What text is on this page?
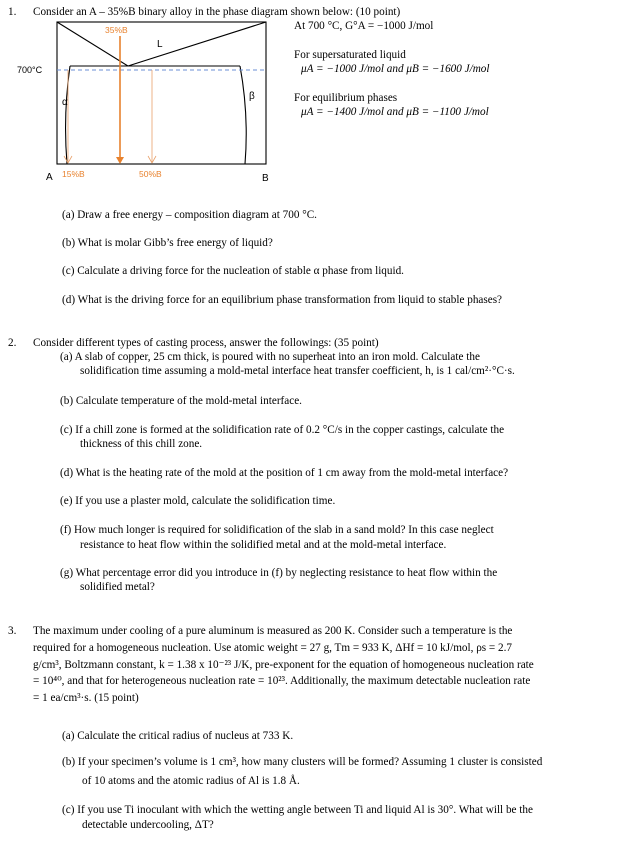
1. Consider an A – 35%B binary alloy in the phase diagram shown below: (10 point)
35%B
L
700°C
α
β
A 15%B	50%B	B
At 700 °C, G°A = −1000 J/mol
For supersaturated liquid
μA = −1000 J/mol and μB = −1600 J/mol
For equilibrium phases
μA = −1400 J/mol and μB = −1100 J/mol
(a) Draw a free energy – composition diagram at 700 °C.
(b) What is molar Gibb’s free energy of liquid?
(c) Calculate a driving force for the nucleation of stable α phase from liquid.
(d) What is the driving force for an equilibrium phase transformation from liquid to stable phases?
2. Consider different types of casting process, answer the followings: (35 point)
(a) A slab of copper, 25 cm thick, is poured with no superheat into an iron mold. Calculate the
solidification time assuming a mold-metal interface heat transfer coefficient, h, is 1 cal/cm²·°C·s.
(b) Calculate temperature of the mold-metal interface.
(c) If a chill zone is formed at the solidification rate of 0.2 °C/s in the copper castings, calculate the
thickness of this chill zone.
(d) What is the heating rate of the mold at the position of 1 cm away from the mold-metal interface?
(e) If you use a plaster mold, calculate the solidification time.
(f) How much longer is required for solidification of the slab in a sand mold? In this case neglect
resistance to heat flow within the solidified metal and at the mold-metal interface.
(g) What percentage error did you introduce in (f) by neglecting resistance to heat flow within the
solidified metal?
3. The maximum under cooling of a pure aluminum is measured as 200 K. Consider such a temperature is the
required for a homogeneous nucleation. Use atomic weight = 27 g, Tm = 933 K, ΔHf = 10 kJ/mol, ρs = 2.7
g/cm³, Boltzmann constant, k = 1.38 x 10⁻²³ J/K, pre-exponent for the equation of homogeneous nucleation rate
= 10⁴⁰, and that for heterogeneous nucleation rate = 10²³. Additionally, the maximum detectable nucleation rate
= 1 ea/cm³·s. (15 point)
(a) Calculate the critical radius of nucleus at 733 K.
(b) If your specimen’s volume is 1 cm³, how many clusters will be formed? Assuming 1 cluster is consisted
of 10 atoms and the atomic radius of Al is 1.8 Å.
(c) If you use Ti inoculant with which the wetting angle between Ti and liquid Al is 30°. What will be the
detectable undercooling, ΔT?
